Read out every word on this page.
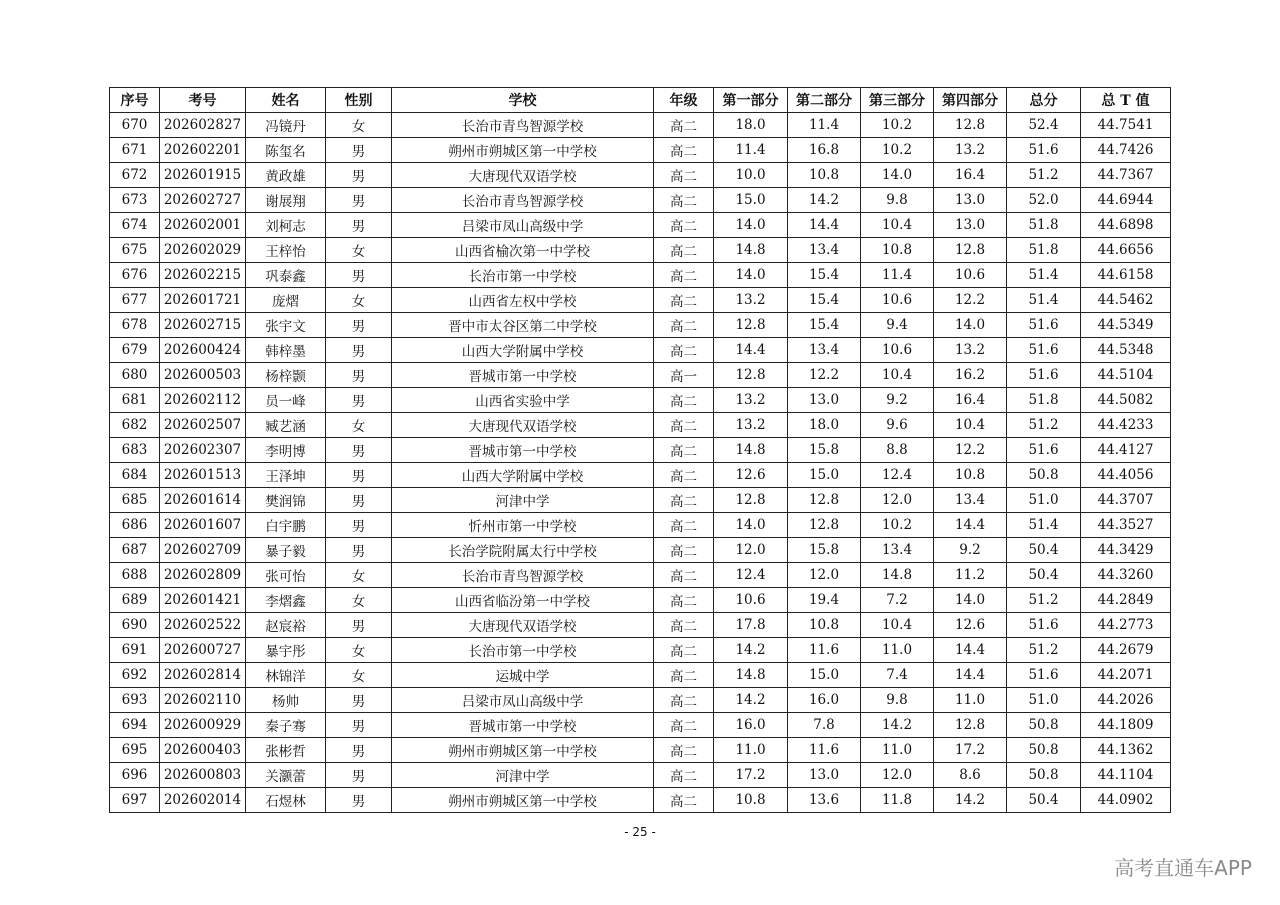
序号	考号	姓名	性别	学校	年级	第一部分	第二部分	第三部分	第四部分	总分	总 T 值
670	202602827	冯镜丹	女	长治市青鸟智源学校	高二	18.0	11.4	10.2	12.8	52.4	44.7541
671	202602201	陈玺名	男	朔州市朔城区第一中学校	高二	11.4	16.8	10.2	13.2	51.6	44.7426
672	202601915	黄政雄	男	大唐现代双语学校	高二	10.0	10.8	14.0	16.4	51.2	44.7367
673	202602727	谢展翔	男	长治市青鸟智源学校	高二	15.0	14.2	9.8	13.0	52.0	44.6944
674	202602001	刘柯志	男	吕梁市凤山高级中学	高二	14.0	14.4	10.4	13.0	51.8	44.6898
675	202602029	王梓怡	女	山西省榆次第一中学校	高二	14.8	13.4	10.8	12.8	51.8	44.6656
676	202602215	巩泰鑫	男	长治市第一中学校	高二	14.0	15.4	11.4	10.6	51.4	44.6158
677	202601721	庞熠	女	山西省左权中学校	高二	13.2	15.4	10.6	12.2	51.4	44.5462
678	202602715	张宇文	男	晋中市太谷区第二中学校	高二	12.8	15.4	9.4	14.0	51.6	44.5349
679	202600424	韩梓墨	男	山西大学附属中学校	高二	14.4	13.4	10.6	13.2	51.6	44.5348
680	202600503	杨梓颢	男	晋城市第一中学校	高一	12.8	12.2	10.4	16.2	51.6	44.5104
681	202602112	员一峰	男	山西省实验中学	高二	13.2	13.0	9.2	16.4	51.8	44.5082
682	202602507	臧艺涵	女	大唐现代双语学校	高二	13.2	18.0	9.6	10.4	51.2	44.4233
683	202602307	李明博	男	晋城市第一中学校	高二	14.8	15.8	8.8	12.2	51.6	44.4127
684	202601513	王泽坤	男	山西大学附属中学校	高二	12.6	15.0	12.4	10.8	50.8	44.4056
685	202601614	樊润锦	男	河津中学	高二	12.8	12.8	12.0	13.4	51.0	44.3707
686	202601607	白宇鹏	男	忻州市第一中学校	高二	14.0	12.8	10.2	14.4	51.4	44.3527
687	202602709	暴子毅	男	长治学院附属太行中学校	高二	12.0	15.8	13.4	9.2	50.4	44.3429
688	202602809	张可怡	女	长治市青鸟智源学校	高二	12.4	12.0	14.8	11.2	50.4	44.3260
689	202601421	李熠鑫	女	山西省临汾第一中学校	高二	10.6	19.4	7.2	14.0	51.2	44.2849
690	202602522	赵宸裕	男	大唐现代双语学校	高二	17.8	10.8	10.4	12.6	51.6	44.2773
691	202600727	暴宇彤	女	长治市第一中学校	高二	14.2	11.6	11.0	14.4	51.2	44.2679
692	202602814	林锦洋	女	运城中学	高二	14.8	15.0	7.4	14.4	51.6	44.2071
693	202602110	杨帅	男	吕梁市凤山高级中学	高二	14.2	16.0	9.8	11.0	51.0	44.2026
694	202600929	秦子骞	男	晋城市第一中学校	高二	16.0	7.8	14.2	12.8	50.8	44.1809
695	202600403	张彬哲	男	朔州市朔城区第一中学校	高二	11.0	11.6	11.0	17.2	50.8	44.1362
696	202600803	关灏蕾	男	河津中学	高二	17.2	13.0	12.0	8.6	50.8	44.1104
697	202602014	石煜林	男	朔州市朔城区第一中学校	高二	10.8	13.6	11.8	14.2	50.4	44.0902
- 25 -
高考直通车APP
